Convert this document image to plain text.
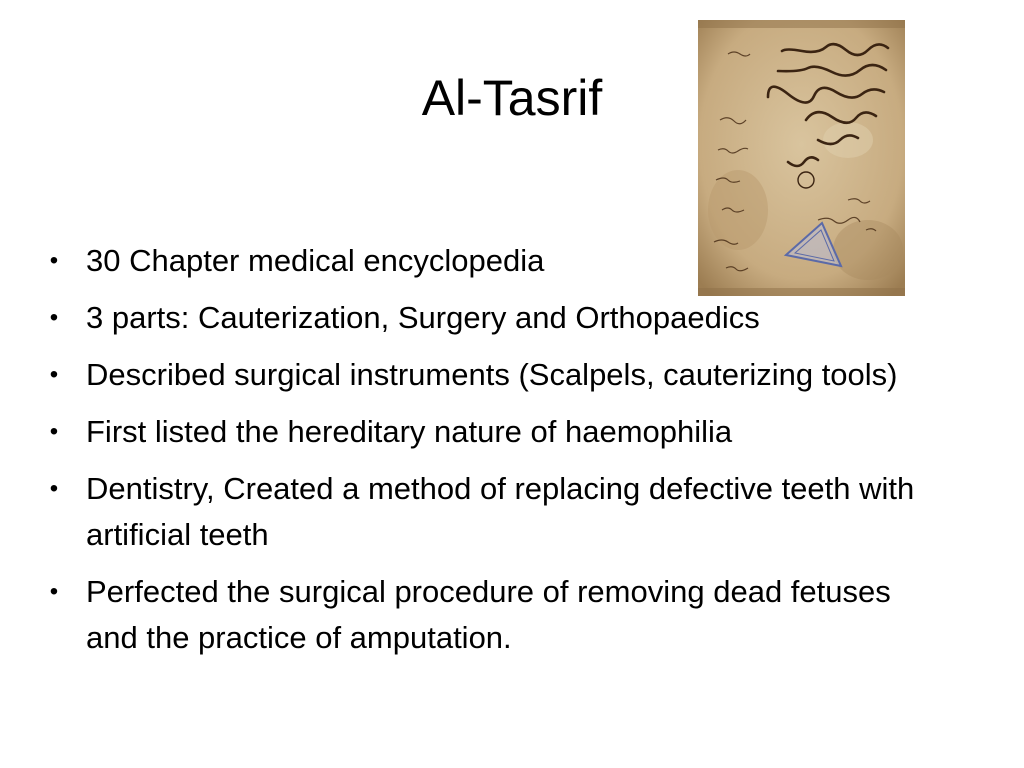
Al-Tasrif
• 30 Chapter medical encyclopedia
• 3 parts: Cauterization, Surgery and Orthopaedics
• Described surgical instruments (Scalpels, cauterizing tools)
• First listed the hereditary nature of haemophilia
• Dentistry, Created a method of replacing defective teeth with artificial teeth
• Perfected the surgical procedure of removing dead fetuses and the practice of amputation.
